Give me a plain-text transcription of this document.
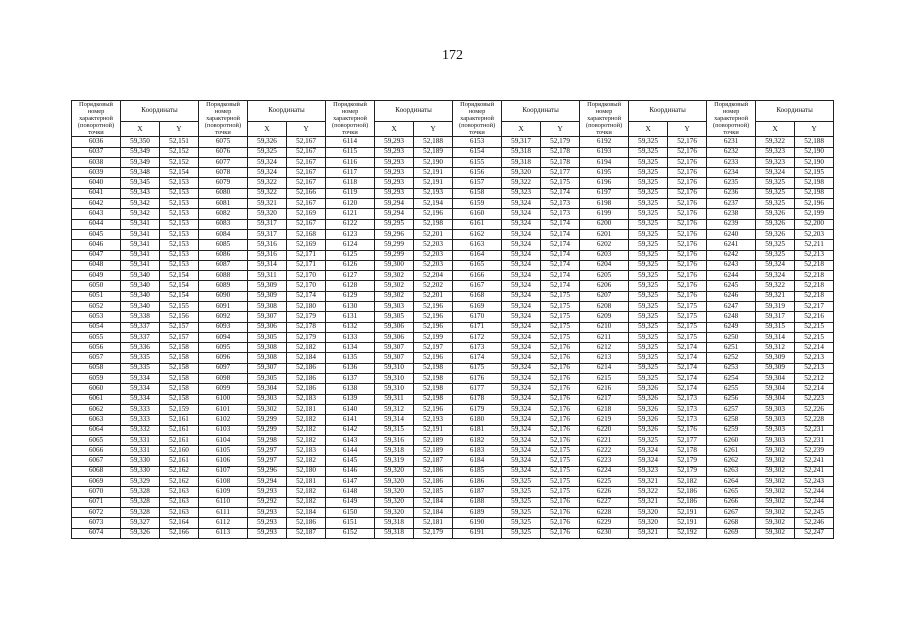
172
Порядковый номер характерной (поворотной) точки	Координаты		Порядковый номер характерной (поворотной) точки	Координаты		Порядковый номер характерной (поворотной) точки	Координаты		Порядковый номер характерной (поворотной) точки	Координаты		Порядковый номер характерной (поворотной) точки	Координаты		Порядковый номер характерной (поворотной) точки	Координаты	
	X	Y		X	Y		X	Y		X	Y		X	Y		X	Y
6036	59,350	52,151	6075	59,326	52,167	6114	59,293	52,188	6153	59,317	52,179	6192	59,325	52,176	6231	59,322	52,188
6037	59,349	52,152	6076	59,325	52,167	6115	59,293	52,189	6154	59,318	52,178	6193	59,325	52,176	6232	59,323	52,190
6038	59,349	52,152	6077	59,324	52,167	6116	59,293	52,190	6155	59,318	52,178	6194	59,325	52,176	6233	59,323	52,190
6039	59,348	52,154	6078	59,324	52,167	6117	59,293	52,191	6156	59,320	52,177	6195	59,325	52,176	6234	59,324	52,195
6040	59,345	52,153	6079	59,322	52,167	6118	59,293	52,191	6157	59,322	52,175	6196	59,325	52,176	6235	59,325	52,198
6041	59,343	52,153	6080	59,322	52,166	6119	59,293	52,193	6158	59,323	52,174	6197	59,325	52,176	6236	59,325	52,198
6042	59,342	52,153	6081	59,321	52,167	6120	59,294	52,194	6159	59,324	52,173	6198	59,325	52,176	6237	59,325	52,196
6043	59,342	52,153	6082	59,320	52,169	6121	59,294	52,196	6160	59,324	52,173	6199	59,325	52,176	6238	59,326	52,199
6044	59,341	52,153	6083	59,317	52,167	6122	59,295	52,198	6161	59,324	52,174	6200	59,325	52,176	6239	59,326	52,200
6045	59,341	52,153	6084	59,317	52,168	6123	59,296	52,201	6162	59,324	52,174	6201	59,325	52,176	6240	59,326	52,203
6046	59,341	52,153	6085	59,316	52,169	6124	59,299	52,203	6163	59,324	52,174	6202	59,325	52,176	6241	59,325	52,211
6047	59,341	52,153	6086	59,316	52,171	6125	59,299	52,203	6164	59,324	52,174	6203	59,325	52,176	6242	59,325	52,213
6048	59,341	52,153	6087	59,314	52,171	6126	59,300	52,203	6165	59,324	52,174	6204	59,325	52,176	6243	59,324	52,218
6049	59,340	52,154	6088	59,311	52,170	6127	59,302	52,204	6166	59,324	52,174	6205	59,325	52,176	6244	59,324	52,218
6050	59,340	52,154	6089	59,309	52,170	6128	59,302	52,202	6167	59,324	52,174	6206	59,325	52,176	6245	59,322	52,218
6051	59,340	52,154	6090	59,309	52,174	6129	59,302	52,201	6168	59,324	52,175	6207	59,325	52,176	6246	59,321	52,218
6052	59,340	52,155	6091	59,308	52,180	6130	59,303	52,196	6169	59,324	52,175	6208	59,325	52,175	6247	59,319	52,217
6053	59,338	52,156	6092	59,307	52,179	6131	59,305	52,196	6170	59,324	52,175	6209	59,325	52,175	6248	59,317	52,216
6054	59,337	52,157	6093	59,306	52,178	6132	59,306	52,196	6171	59,324	52,175	6210	59,325	52,175	6249	59,315	52,215
6055	59,337	52,157	6094	59,305	52,179	6133	59,306	52,199	6172	59,324	52,175	6211	59,325	52,175	6250	59,314	52,215
6056	59,336	52,158	6095	59,308	52,182	6134	59,307	52,197	6173	59,324	52,176	6212	59,325	52,174	6251	59,312	52,214
6057	59,335	52,158	6096	59,308	52,184	6135	59,307	52,196	6174	59,324	52,176	6213	59,325	52,174	6252	59,309	52,213
6058	59,335	52,158	6097	59,307	52,186	6136	59,310	52,198	6175	59,324	52,176	6214	59,325	52,174	6253	59,309	52,213
6059	59,334	52,158	6098	59,305	52,186	6137	59,310	52,198	6176	59,324	52,176	6215	59,325	52,174	6254	59,304	52,212
6060	59,334	52,158	6099	59,304	52,186	6138	59,310	52,198	6177	59,324	52,176	6216	59,326	52,174	6255	59,304	52,214
6061	59,334	52,158	6100	59,303	52,183	6139	59,311	52,198	6178	59,324	52,176	6217	59,326	52,173	6256	59,304	52,223
6062	59,333	52,159	6101	59,302	52,181	6140	59,312	52,196	6179	59,324	52,176	6218	59,326	52,173	6257	59,303	52,226
6063	59,333	52,161	6102	59,299	52,182	6141	59,314	52,193	6180	59,324	52,176	6219	59,326	52,173	6258	59,303	52,228
6064	59,332	52,161	6103	59,299	52,182	6142	59,315	52,191	6181	59,324	52,176	6220	59,326	52,176	6259	59,303	52,231
6065	59,331	52,161	6104	59,298	52,182	6143	59,316	52,189	6182	59,324	52,176	6221	59,325	52,177	6260	59,303	52,231
6066	59,331	52,160	6105	59,297	52,183	6144	59,318	52,189	6183	59,324	52,175	6222	59,324	52,178	6261	59,302	52,239
6067	59,330	52,161	6106	59,297	52,182	6145	59,319	52,187	6184	59,324	52,175	6223	59,324	52,179	6262	59,302	52,241
6068	59,330	52,162	6107	59,296	52,180	6146	59,320	52,186	6185	59,324	52,175	6224	59,323	52,179	6263	59,302	52,241
6069	59,329	52,162	6108	59,294	52,181	6147	59,320	52,186	6186	59,325	52,175	6225	59,321	52,182	6264	59,302	52,243
6070	59,328	52,163	6109	59,293	52,182	6148	59,320	52,185	6187	59,325	52,175	6226	59,322	52,186	6265	59,302	52,244
6071	59,328	52,163	6110	59,292	52,182	6149	59,320	52,184	6188	59,325	52,176	6227	59,321	52,186	6266	59,302	52,244
6072	59,328	52,163	6111	59,293	52,184	6150	59,320	52,184	6189	59,325	52,176	6228	59,320	52,191	6267	59,302	52,245
6073	59,327	52,164	6112	59,293	52,186	6151	59,318	52,181	6190	59,325	52,176	6229	59,320	52,191	6268	59,302	52,246
6074	59,326	52,166	6113	59,293	52,187	6152	59,318	52,179	6191	59,325	52,176	6230	59,321	52,192	6269	59,302	52,247
